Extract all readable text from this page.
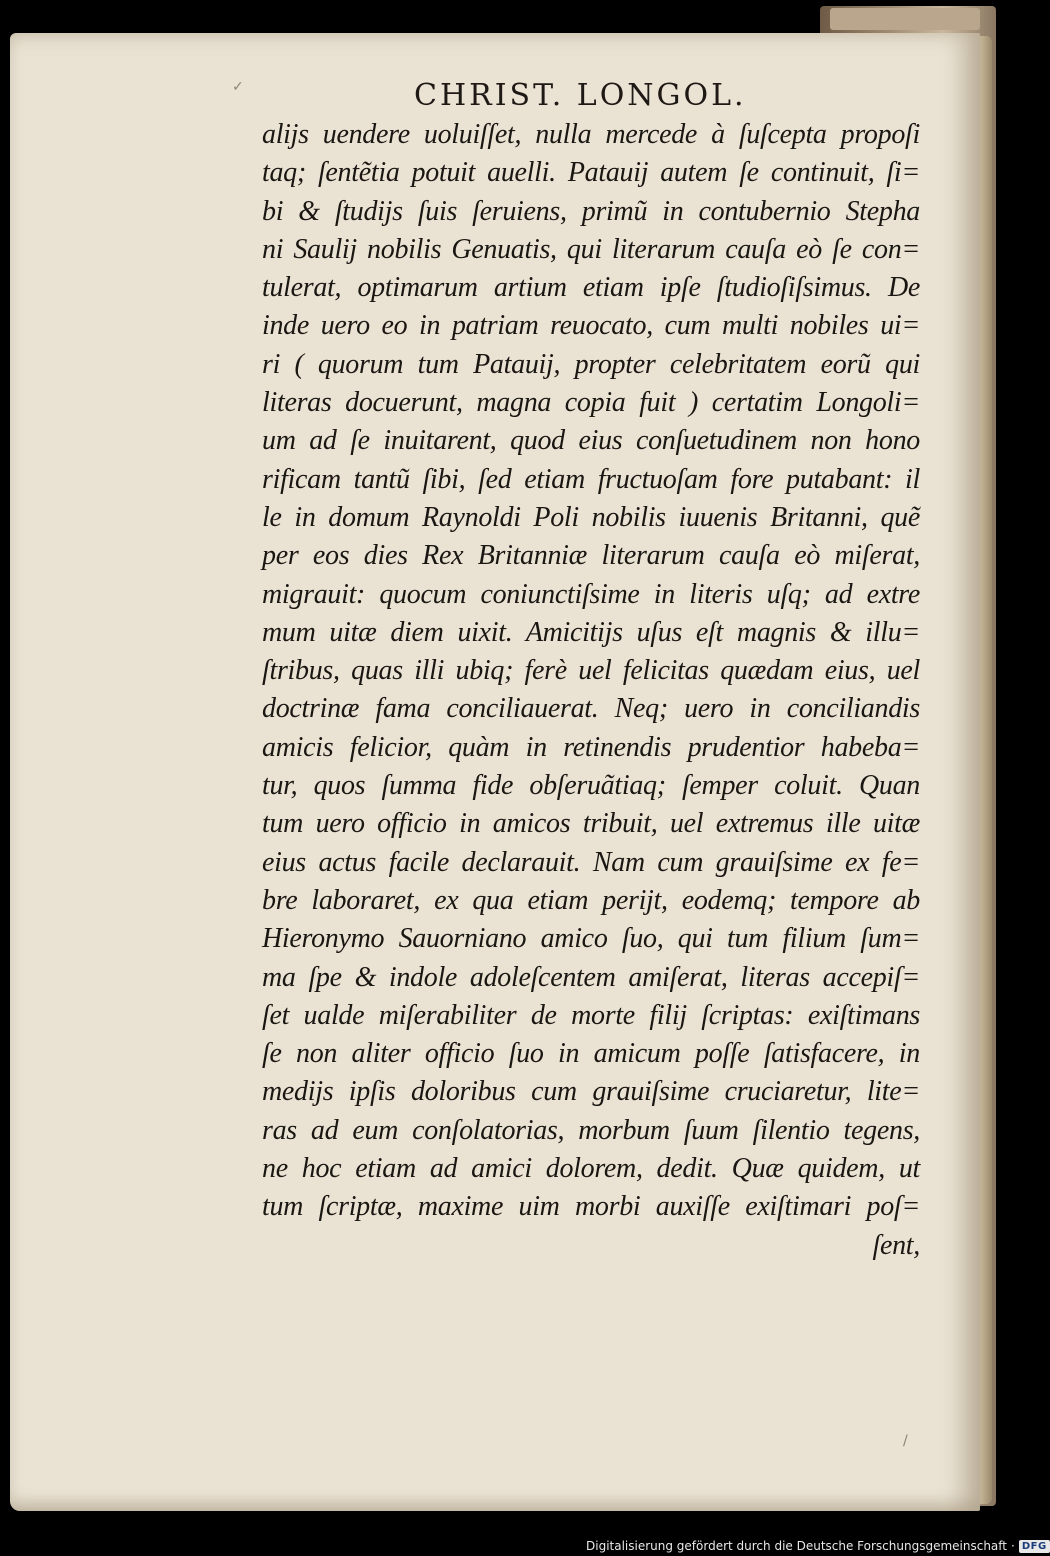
✓
/
CHRIST. LONGOL.
alijs uendere uoluiſſet, nulla mercede à ſuſcepta propoſi
taq; ſentẽtia potuit auelli. Patauij autem ſe continuit, ſi=
bi & ſtudijs ſuis ſeruiens, primũ in contubernio Stepha
ni Saulij nobilis Genuatis, qui literarum cauſa eò ſe con=
tulerat, optimarum artium etiam ipſe ſtudioſiſsimus. De
inde uero eo in patriam reuocato, cum multi nobiles ui=
ri ( quorum tum Patauij, propter celebritatem eorũ qui
literas docuerunt, magna copia fuit ) certatim Longoli=
um ad ſe inuitarent, quod eius conſuetudinem non hono
rificam tantũ ſibi, ſed etiam fructuoſam fore putabant: il
le in domum Raynoldi Poli nobilis iuuenis Britanni, quẽ
per eos dies Rex Britanniæ literarum cauſa eò miſerat,
migrauit: quocum coniunctiſsime in literis uſq; ad extre
mum uitæ diem uixit. Amicitijs uſus eſt magnis & illu=
ſtribus, quas illi ubiq; ferè uel felicitas quædam eius, uel
doctrinæ fama conciliauerat. Neq; uero in conciliandis
amicis felicior, quàm in retinendis prudentior habeba=
tur, quos ſumma fide obſeruãtiaq; ſemper coluit. Quan
tum uero officio in amicos tribuit, uel extremus ille uitæ
eius actus facile declarauit. Nam cum grauiſsime ex fe=
bre laboraret, ex qua etiam perijt, eodemq; tempore ab
Hieronymo Sauorniano amico ſuo, qui tum filium ſum=
ma ſpe & indole adoleſcentem amiſerat, literas accepiſ=
ſet ualde miſerabiliter de morte filij ſcriptas: exiſtimans
ſe non aliter officio ſuo in amicum poſſe ſatisfacere, in
medijs ipſis doloribus cum grauiſsime cruciaretur, lite=
ras ad eum conſolatorias, morbum ſuum ſilentio tegens,
ne hoc etiam ad amici dolorem, dedit. Quæ quidem, ut
tum ſcriptæ, maxime uim morbi auxiſſe exiſtimari poſ=
ſent,
Digitalisierung gefördert durch die Deutsche Forschungsgemeinschaft · DFG
